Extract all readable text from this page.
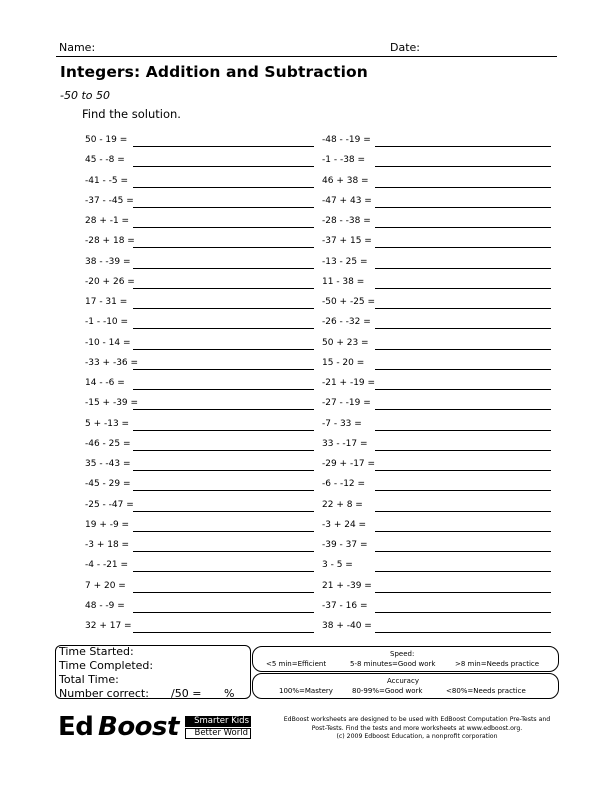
Name:	Date:
Integers: Addition and Subtraction
-50 to 50
Find the solution.
50 - 19 =
45 - -8 =
-41 - -5 =
-37 - -45 =
28 + -1 =
-28 + 18 =
38 - -39 =
-20 + 26 =
17 - 31 =
-1 - -10 =
-10 - 14 =
-33 + -36 =
14 - -6 =
-15 + -39 =
5 + -13 =
-46 - 25 =
35 - -43 =
-45 - 29 =
-25 - -47 =
19 + -9 =
-3 + 18 =
-4 - -21 =
7 + 20 =
48 - -9 =
32 + 17 =
-48 - -19 =
-1 - -38 =
46 + 38 =
-47 + 43 =
-28 - -38 =
-37 + 15 =
-13 - 25 =
11 - 38 =
-50 + -25 =
-26 - -32 =
50 + 23 =
15 - 20 =
-21 + -19 =
-27 - -19 =
-7 - 33 =
33 - -17 =
-29 + -17 =
-6 - -12 =
22 + 8 =
-3 + 24 =
-39 - 37 =
3 - 5 =
21 + -39 =
-37 - 16 =
38 + -40 =
Time Started:
Time Completed:
Total Time:
Number correct: /50 = %
Speed:
<5 min=Efficient	5-8 minutes=Good work	>8 min=Needs practice
Accuracy
100%=Mastery	80-99%=Good work	<80%=Needs practice
Ed Boost	Smarter Kids
Better World
EdBoost worksheets are designed to be used with EdBoost Computation Pre-Tests and
Post-Tests. Find the tests and more worksheets at www.edboost.org.
(c) 2009 Edboost Education, a nonprofit corporation
